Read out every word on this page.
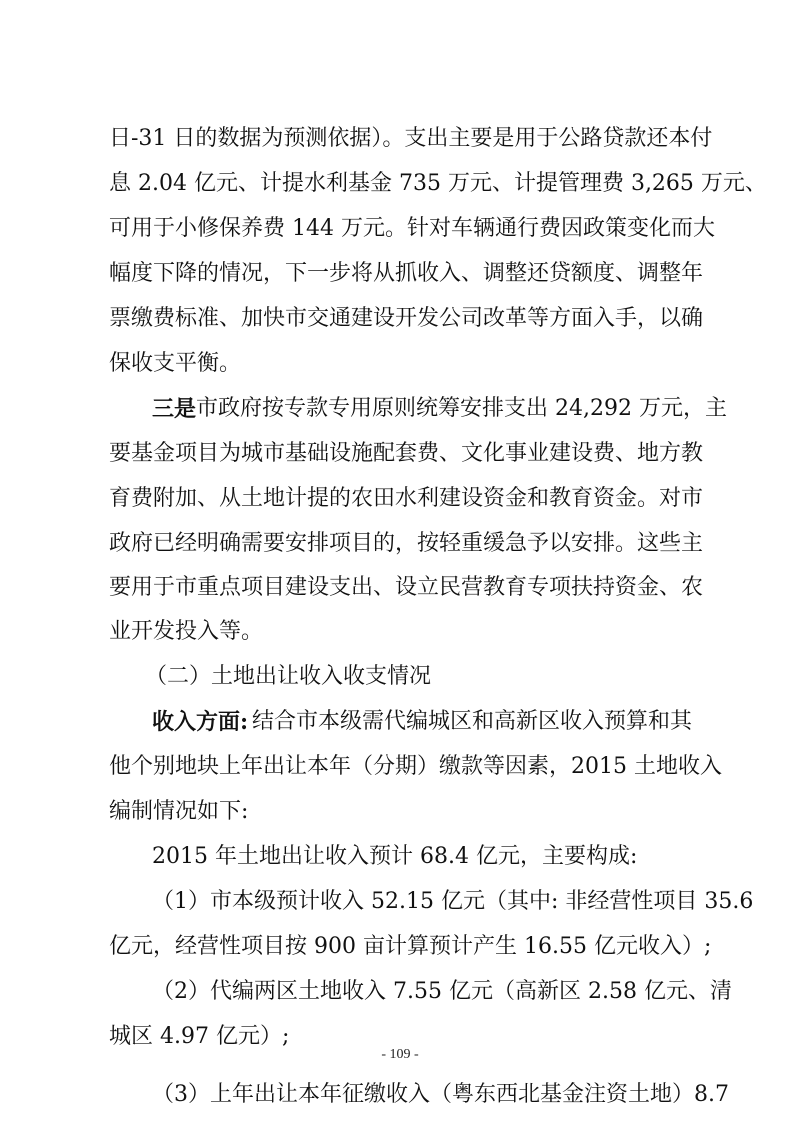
日-31 日的数据为预测依据）。支出主要是用于公路贷款还本付
息 2.04 亿元、计提水利基金 735 万元、计提管理费 3,265 万元、
可用于小修保养费 144 万元。针对车辆通行费因政策变化而大
幅度下降的情况，下一步将从抓收入、调整还贷额度、调整年
票缴费标准、加快市交通建设开发公司改革等方面入手，以确
保收支平衡。
三是 市政府按专款专用原则统筹安排支出 24,292 万元，主
要基金项目为城市基础设施配套费、文化事业建设费、地方教
育费附加、从土地计提的农田水利建设资金和教育资金。对市
政府已经明确需要安排项目的，按轻重缓急予以安排。这些主
要用于市重点项目建设支出、设立民营教育专项扶持资金、农
业开发投入等。
（二）土地出让收入收支情况
收入方面: 结合市本级需代编城区和高新区收入预算和其
他个别地块上年出让本年（分期）缴款等因素，2015 土地收入
编制情况如下:
2015 年土地出让收入预计 68.4 亿元，主要构成:
（1）市本级预计收入 52.15 亿元（其中: 非经营性项目 35.6
亿元，经营性项目按 900 亩计算预计产生 16.55 亿元收入）;
（2）代编两区土地收入 7.55 亿元（高新区 2.58 亿元、清
城区 4.97 亿元）;
（3）上年出让本年征缴收入（粤东西北基金注资土地）8.7
- 109 -
